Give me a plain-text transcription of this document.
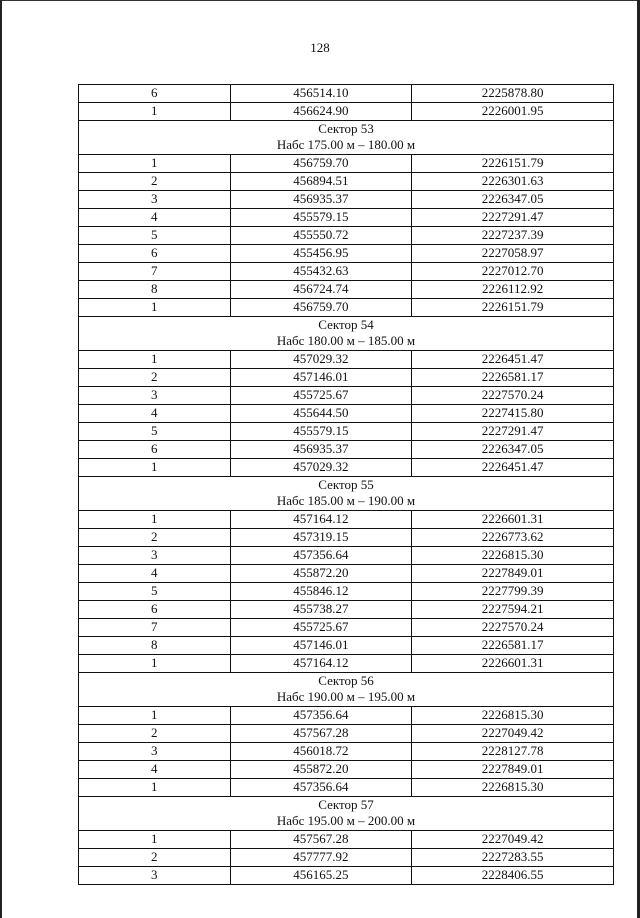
128
6	456514.10	2225878.80
1	456624.90	2226001.95

Сектор 53
Набс 175.00 м – 180.00 м		

1	456759.70	2226151.79
2	456894.51	2226301.63
3	456935.37	2226347.05
4	455579.15	2227291.47
5	455550.72	2227237.39
6	455456.95	2227058.97
7	455432.63	2227012.70
8	456724.74	2226112.92
1	456759.70	2226151.79

Сектор 54
Набс 180.00 м – 185.00 м		

1	457029.32	2226451.47
2	457146.01	2226581.17
3	455725.67	2227570.24
4	455644.50	2227415.80
5	455579.15	2227291.47
6	456935.37	2226347.05
1	457029.32	2226451.47

Сектор 55
Набс 185.00 м – 190.00 м		

1	457164.12	2226601.31
2	457319.15	2226773.62
3	457356.64	2226815.30
4	455872.20	2227849.01
5	455846.12	2227799.39
6	455738.27	2227594.21
7	455725.67	2227570.24
8	457146.01	2226581.17
1	457164.12	2226601.31

Сектор 56
Набс 190.00 м – 195.00 м		

1	457356.64	2226815.30
2	457567.28	2227049.42
3	456018.72	2228127.78
4	455872.20	2227849.01
1	457356.64	2226815.30

Сектор 57
Набс 195.00 м – 200.00 м		

1	457567.28	2227049.42
2	457777.92	2227283.55
3	456165.25	2228406.55
